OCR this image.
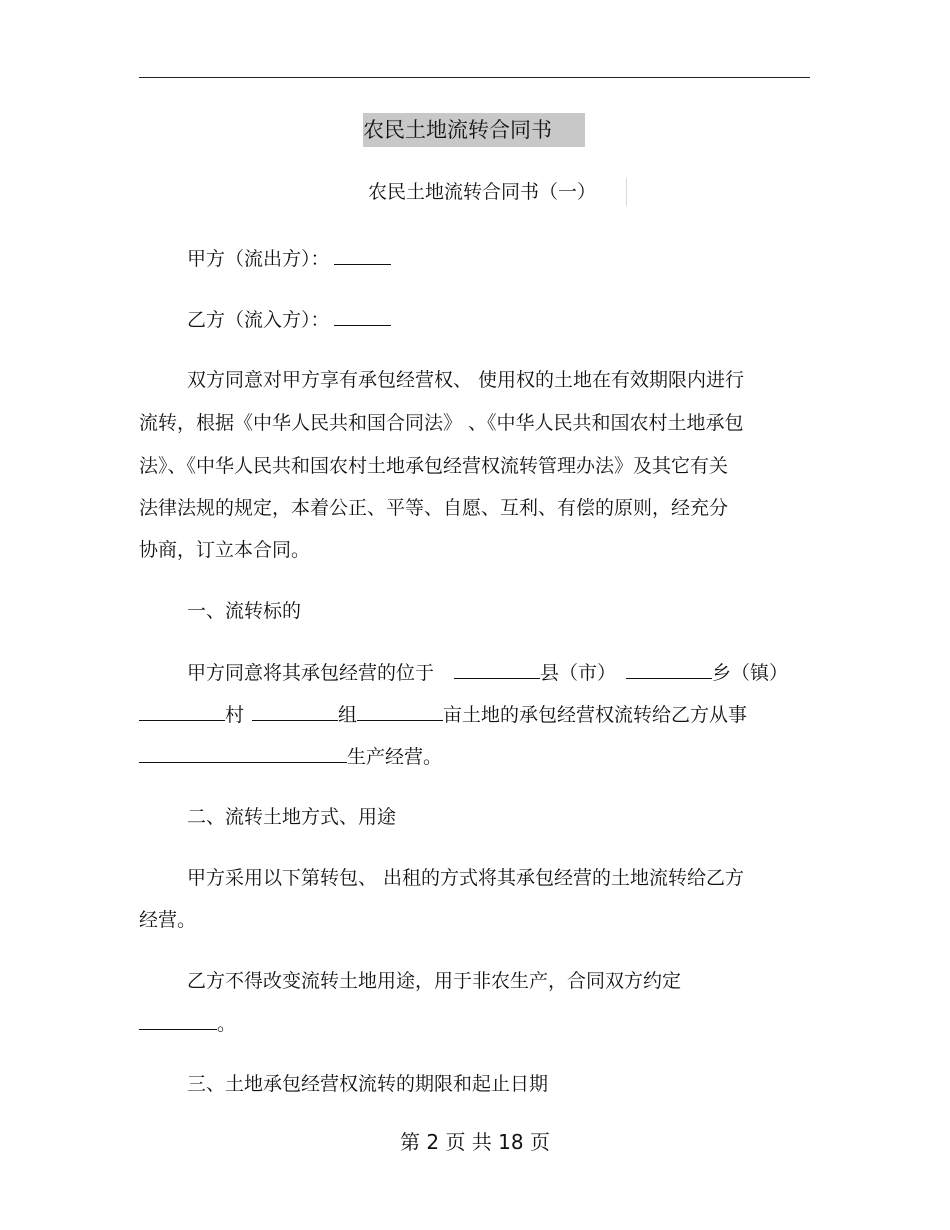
农民土地流转合同书
农民土地流转合同书（一）
甲方（流出方）：
乙方（流入方）：
双方同意对甲方享有承包经营权、 使用权的土地在有效期限内进行
流转，根据《中华人民共和国合同法》 、《中华人民共和国农村土地承包
法》、《中华人民共和国农村土地承包经营权流转管理办法》及其它有关
法律法规的规定，本着公正、平等、自愿、互利、有偿的原则，经充分
协商，订立本合同。
一、流转标的
甲方同意将其承包经营的位于	县（市）	乡（镇）
村	组	亩土地的承包经营权流转给乙方从事
生产经营。
二、流转土地方式、用途
甲方采用以下第转包、 出租的方式将其承包经营的土地流转给乙方
经营。
乙方不得改变流转土地用途，用于非农生产，合同双方约定
。
三、土地承包经营权流转的期限和起止日期
第 2 页 共 18 页
